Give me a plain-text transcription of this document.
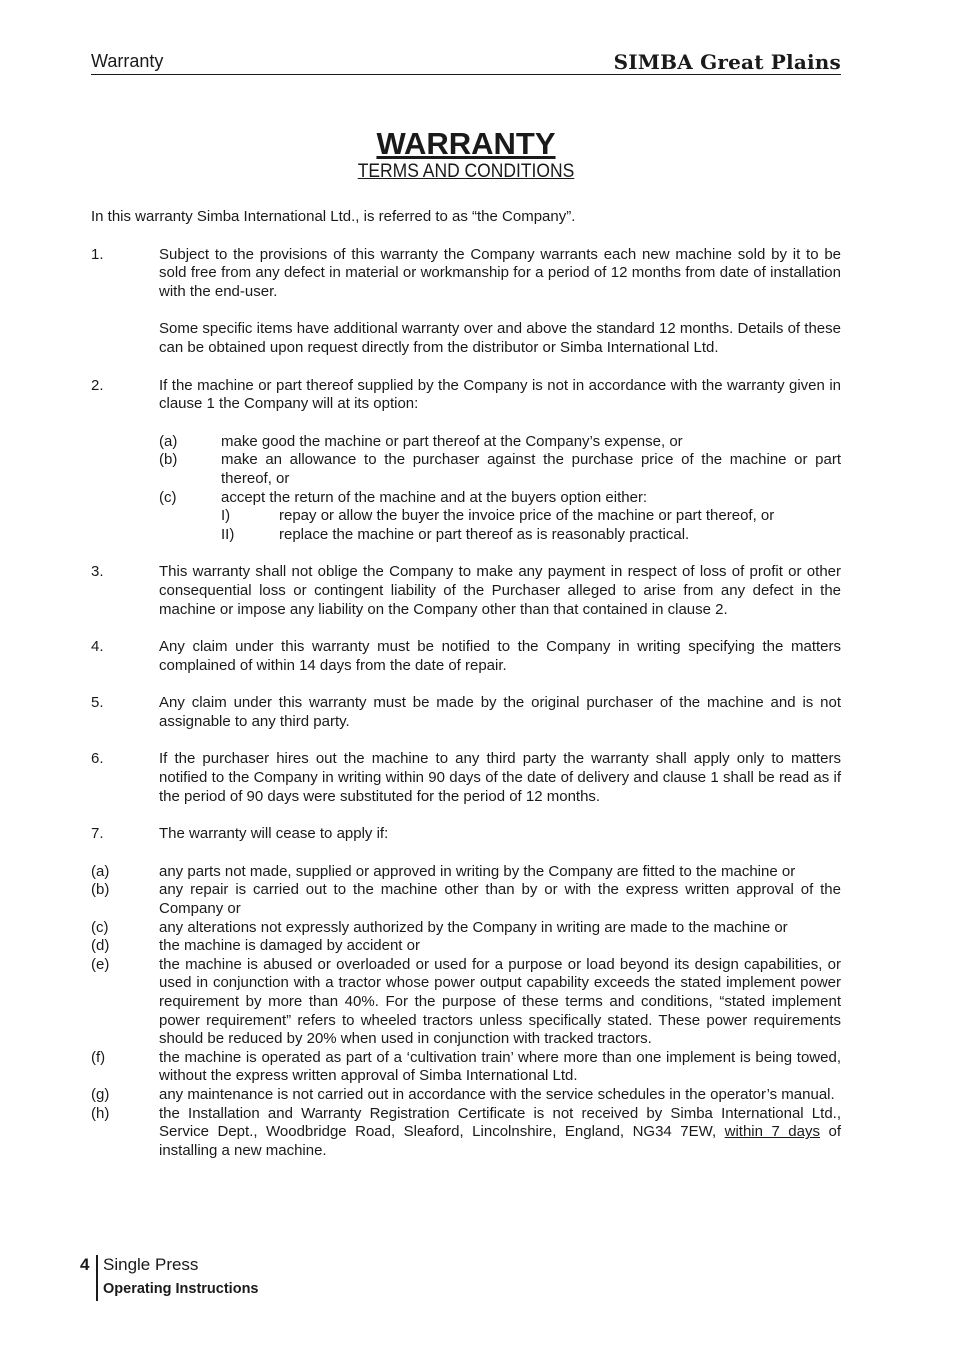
Warranty	SIMBA Great Plains
WARRANTY
TERMS AND CONDITIONS

In this warranty Simba International Ltd., is referred to as “the Company”.

1.	Subject to the provisions of this warranty the Company warrants each new machine sold by it to be sold free from any defect in material or workmanship for a period of 12 months from date of installation with the end-user.

Some specific items have additional warranty over and above the standard 12 months. Details of these can be obtained upon request directly from the distributor or Simba International Ltd.

2.	If the machine or part thereof supplied by the Company is not in accordance with the warranty given in clause 1 the Company will at its option:

(a)	make good the machine or part thereof at the Company’s expense, or
(b)	make an allowance to the purchaser against the purchase price of the machine or part thereof, or
(c)	accept the return of the machine and at the buyers option either:
I)	repay or allow the buyer the invoice price of the machine or part thereof, or
II)	replace the machine or part thereof as is reasonably practical.
3.	This warranty shall not oblige the Company to make any payment in respect of loss of profit or other consequential loss or contingent liability of the Purchaser alleged to arise from any defect in the machine or impose any liability on the Company other than that contained in clause 2.

4.	Any claim under this warranty must be notified to the Company in writing specifying the matters complained of within 14 days from the date of repair.

5.	Any claim under this warranty must be made by the original purchaser of the machine and is not assignable to any third party.

6.	If the purchaser hires out the machine to any third party the warranty shall apply only to matters notified to the Company in writing within 90 days of the date of delivery and clause 1 shall be read as if the period of 90 days were substituted for the period of 12 months.

7.	The warranty will cease to apply if:

(a)	any parts not made, supplied or approved in writing by the Company are fitted to the machine or
(b)	any repair is carried out to the machine other than by or with the express written approval of the Company or
(c)	any alterations not expressly authorized by the Company in writing are made to the machine or
(d)	the machine is damaged by accident or
(e)	the machine is abused or overloaded or used for a purpose or load beyond its design capabilities, or used in conjunction with a tractor whose power output capability exceeds the stated implement power requirement by more than 40%. For the purpose of these terms and conditions, “stated implement power requirement” refers to wheeled tractors unless specifically stated. These power requirements should be reduced by 20% when used in conjunction with tracked tractors.
(f)	the machine is operated as part of a ‘cultivation train’ where more than one implement is being towed, without the express written approval of Simba International Ltd.
(g)	any maintenance is not carried out in accordance with the service schedules in the operator’s manual.
(h)	the Installation and Warranty Registration Certificate is not received by Simba International Ltd., Service Dept., Woodbridge Road, Sleaford, Lincolnshire, England, NG34 7EW, within 7 days of installing a new machine.
4 Single Press
Operating Instructions
